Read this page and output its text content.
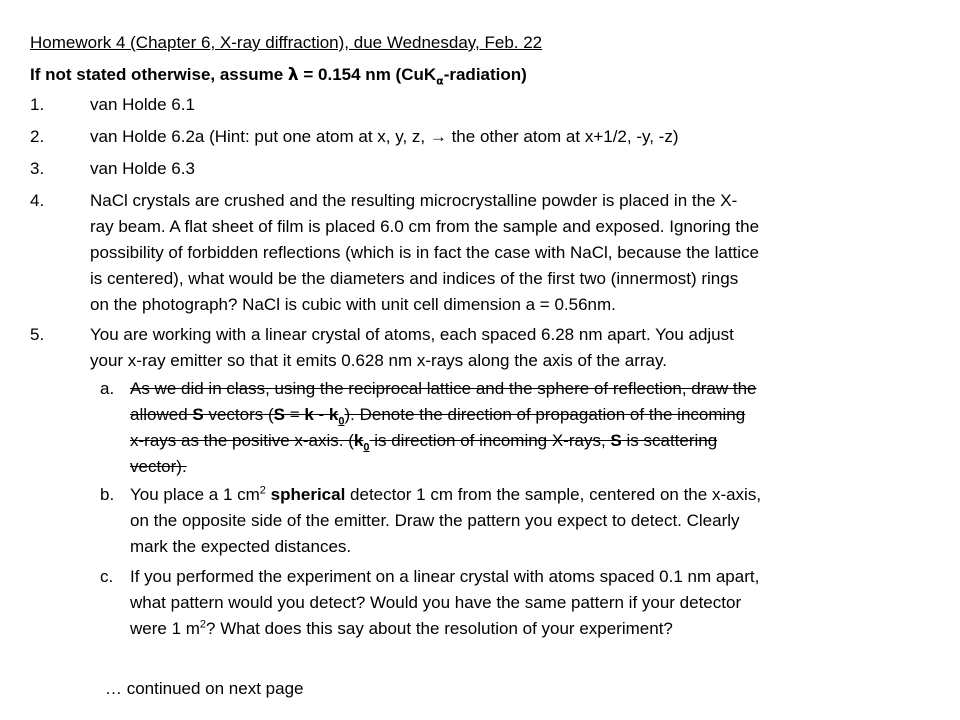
Homework 4 (Chapter 6, X-ray diffraction), due Wednesday, Feb. 22
If not stated otherwise, assume λ = 0.154 nm (CuK$_\alpha$-radiation)
1.	van Holde 6.1
2.	van Holde 6.2a (Hint: put one atom at x, y, z, → the other atom at x+1/2, -y, -z)
3.	van Holde 6.3
4.	NaCl crystals are crushed and the resulting microcrystalline powder is placed in the X-
ray beam. A flat sheet of film is placed 6.0 cm from the sample and exposed. Ignoring the
possibility of forbidden reflections (which is in fact the case with NaCl, because the lattice
is centered), what would be the diameters and indices of the first two (innermost) rings
on the photograph? NaCl is cubic with unit cell dimension a = 0.56nm.
5.	You are working with a linear crystal of atoms, each spaced 6.28 nm apart. You adjust
your x-ray emitter so that it emits 0.628 nm x-rays along the axis of the array.
a. As we did in class, using the reciprocal lattice and the sphere of reflection, draw the
allowed S vectors $(S = k - k_0)$. Denote the direction of propagation of the incoming
x-rays as the positive x-axis. ($k_0$ is direction of incoming X-rays, S is scattering
vector).
b. You place a 1 $cm^2$ spherical detector 1 cm from the sample, centered on the x-axis,
on the opposite side of the emitter. Draw the pattern you expect to detect. Clearly
mark the expected distances.
c. If you performed the experiment on a linear crystal with atoms spaced 0.1 nm apart,
what pattern would you detect? Would you have the same pattern if your detector
were 1 $m^2$? What does this say about the resolution of your experiment?
… continued on next page
